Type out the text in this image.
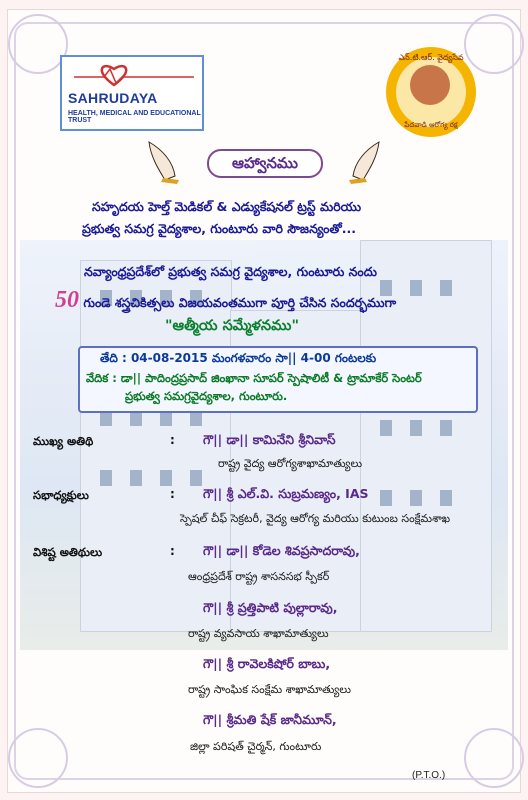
SAHRUDAYA
HEALTH, MEDICAL AND EDUCATIONAL TRUST
ఎన్.టి.ఆర్. వైద్యసేవ
పేదవాడి ఆరోగ్య రక్ష
ఆహ్వానము
సహృదయ హెల్త్ మెడికల్ & ఎడ్యుకేషనల్ ట్రస్ట్ మరియు
ప్రభుత్వ సమగ్ర వైద్యశాల, గుంటూరు వారి సౌజన్యంతో...
నవ్యాంధ్రప్రదేశ్‌లో ప్రభుత్వ సమగ్ర వైద్యశాల, గుంటూరు నందు
50 గుండె శస్త్రచికిత్సలు విజయవంతముగా పూర్తి చేసిన సందర్భముగా
"ఆత్మీయ సమ్మేళనము"
తేది : 04-08-2015 మంగళవారం సా|| 4-00 గంటలకు
వేదిక : డా|| పాదింద్రప్రసాద్ జింఖానా సూపర్ స్పెషాలిటీ & ట్రామాకేర్ సెంటర్
ప్రభుత్వ సమగ్రవైద్యశాల, గుంటూరు.
ముఖ్య అతిథి	: గౌ|| డా|| కామినేని శ్రీనివాస్
రాష్ట్ర వైద్య ఆరోగ్యశాఖామాత్యులు
సభాధ్యక్షులు	: గౌ|| శ్రీ ఎల్.వి. సుబ్రమణ్యం, IAS
స్పెషల్ చీఫ్ సెక్రటరీ, వైద్య ఆరోగ్య మరియు కుటుంబ సంక్షేమశాఖ
విశిష్ట అతిథులు	: గౌ|| డా|| కోడెల శివప్రసాదరావు,
ఆంధ్రప్రదేశ్ రాష్ట్ర శాసనసభ స్పీకర్
గౌ|| శ్రీ ప్రత్తిపాటి పుల్లారావు,
రాష్ట్ర వ్యవసాయ శాఖామాత్యులు
గౌ|| శ్రీ రావెలకిషోర్ బాబు,
రాష్ట్ర సాంఘిక సంక్షేమ శాఖామాత్యులు
గౌ|| శ్రీమతి షేక్ జానీమూన్,
జిల్లా పరిషత్ చైర్మన్, గుంటూరు
(P.T.O.)
